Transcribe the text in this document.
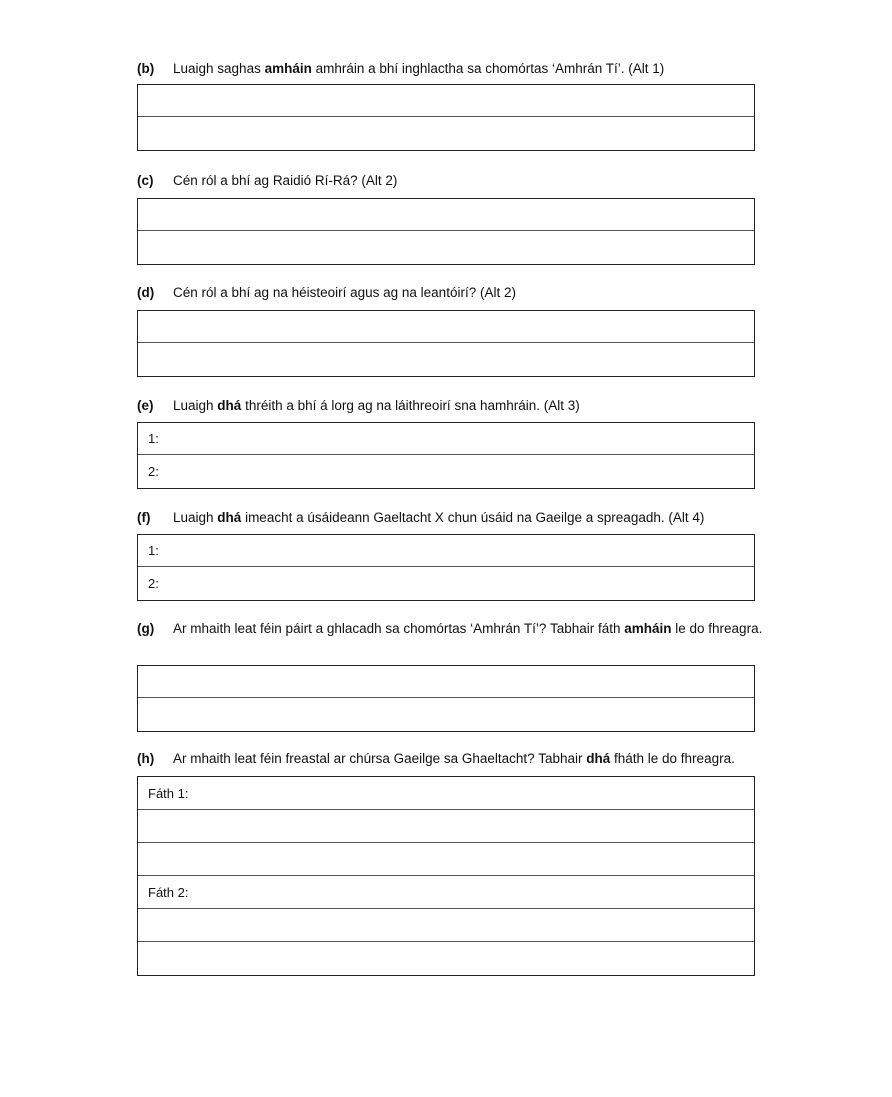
(b)	Luaigh saghas amháin amhráin a bhí inghlactha sa chomórtas ‘Amhrán Tí’. (Alt 1)
(c)	Cén ról a bhí ag Raidió Rí-Rá? (Alt 2)
(d)	Cén ról a bhí ag na héisteoirí agus ag na leantóirí? (Alt 2)
(e)	Luaigh dhá thréith a bhí á lorg ag na láithreoirí sna hamhráin. (Alt 3)
1:
2:
(f)	Luaigh dhá imeacht a úsáideann Gaeltacht X chun úsáid na Gaeilge a spreagadh. (Alt 4)
1:
2:
(g)	Ar mhaith leat féin páirt a ghlacadh sa chomórtas ‘Amhrán Tí’? Tabhair fáth amháin le do fhreagra.
(h)	Ar mhaith leat féin freastal ar chúrsa Gaeilge sa Ghaeltacht? Tabhair dhá fháth le do fhreagra.
Fáth 1:
Fáth 2:
